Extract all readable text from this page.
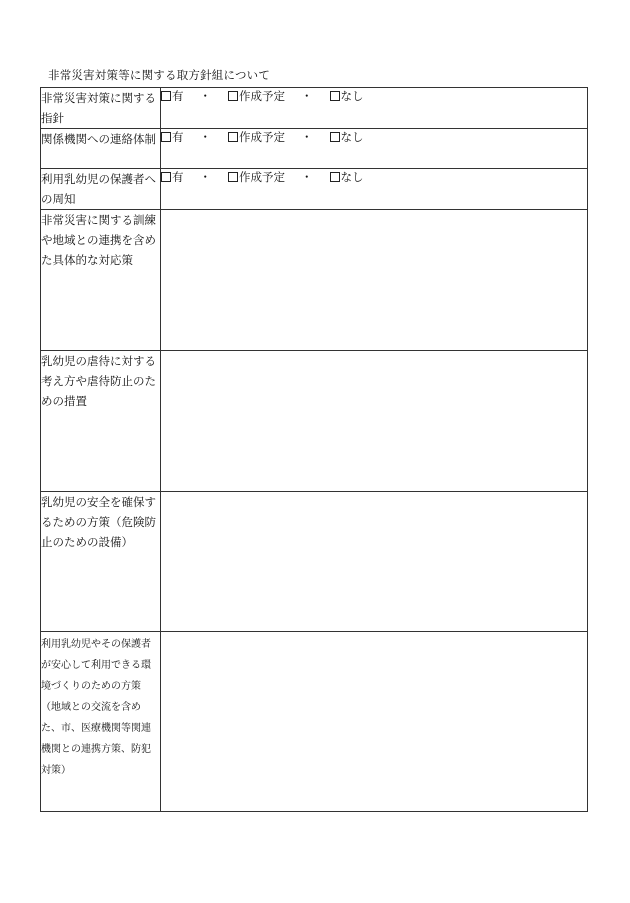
非常災害対策等に関する取方針組について
非常災害対策に関する指針	有 ・ 作成予定 ・ なし

関係機関への連絡体制	有 ・ 作成予定 ・ なし

利用乳幼児の保護者への周知	有 ・ 作成予定 ・ なし

非常災害に関する訓練や地域との連携を含めた具体的な対応策	

乳幼児の虐待に対する考え方や虐待防止のための措置	

乳幼児の安全を確保するための方策（危険防止のための設備）	

利用乳幼児やその保護者が安心して利用できる環境づくりのための方策（地域との交流を含めた、市、医療機関等関連機関との連携方策、防犯対策）	
